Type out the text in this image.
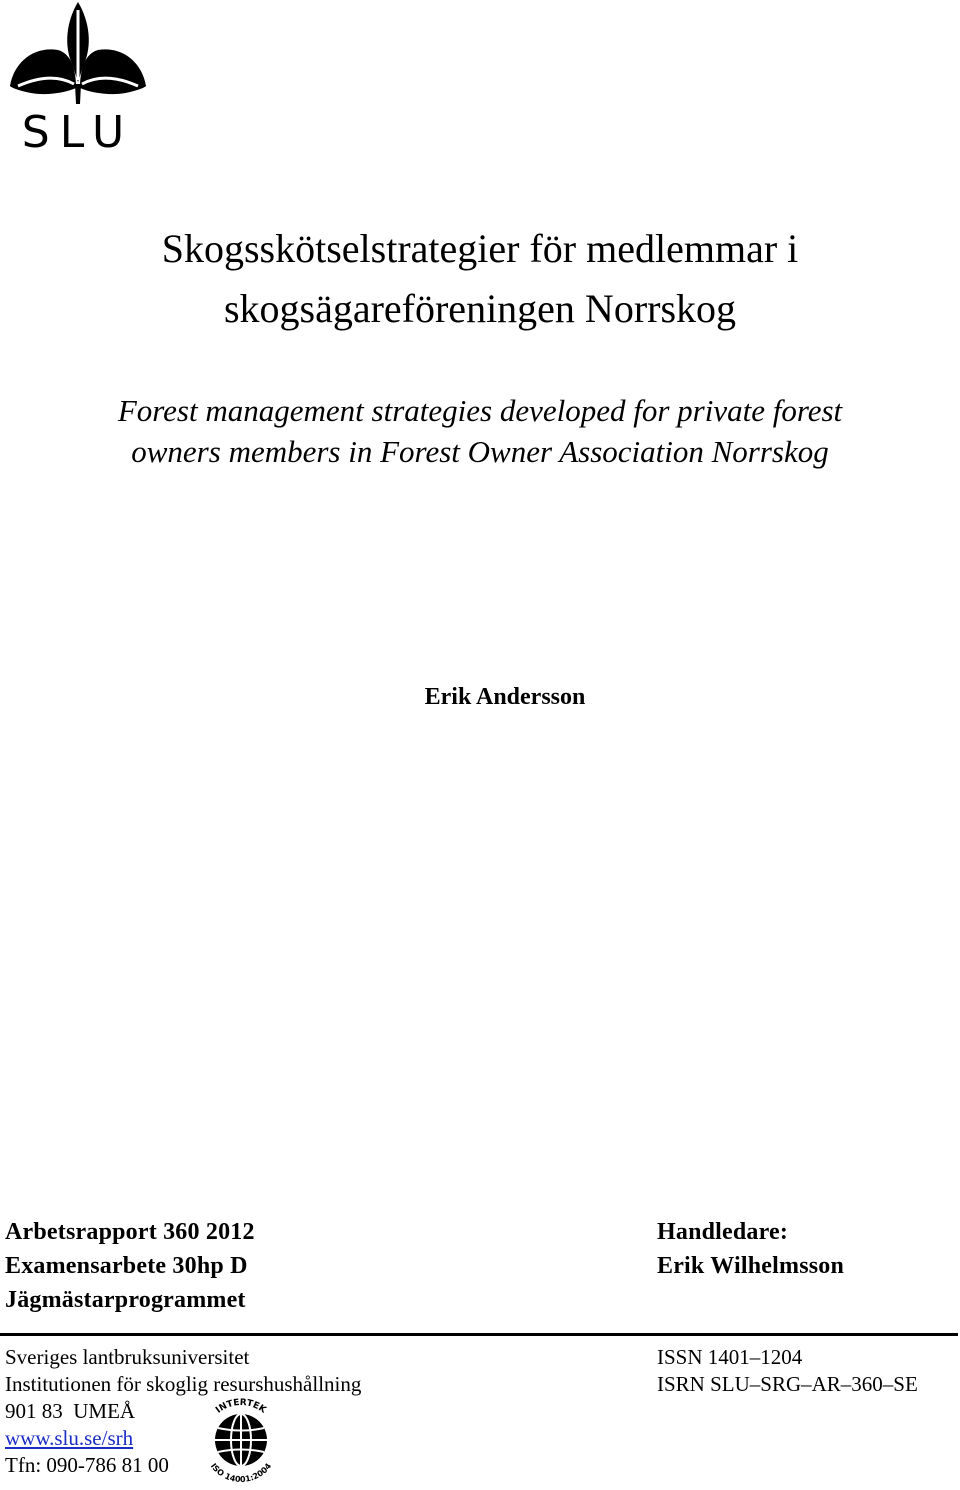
SLU
Skogsskötselstrategier för medlemmar i
skogsägareföreningen Norrskog
Forest management strategies developed for private forest
owners members in Forest Owner Association Norrskog
Erik Andersson
Arbetsrapport 360 2012
Examensarbete 30hp D
Jägmästarprogrammet
Handledare:
Erik Wilhelmsson
Sveriges lantbruksuniversitet
Institutionen för skoglig resurshushållning
901 83  UMEÅ
www.slu.se/srh
Tfn: 090-786 81 00
ISSN 1401–1204
ISRN SLU–SRG–AR–360–SE
INTERTEK
ISO 14001:2004
